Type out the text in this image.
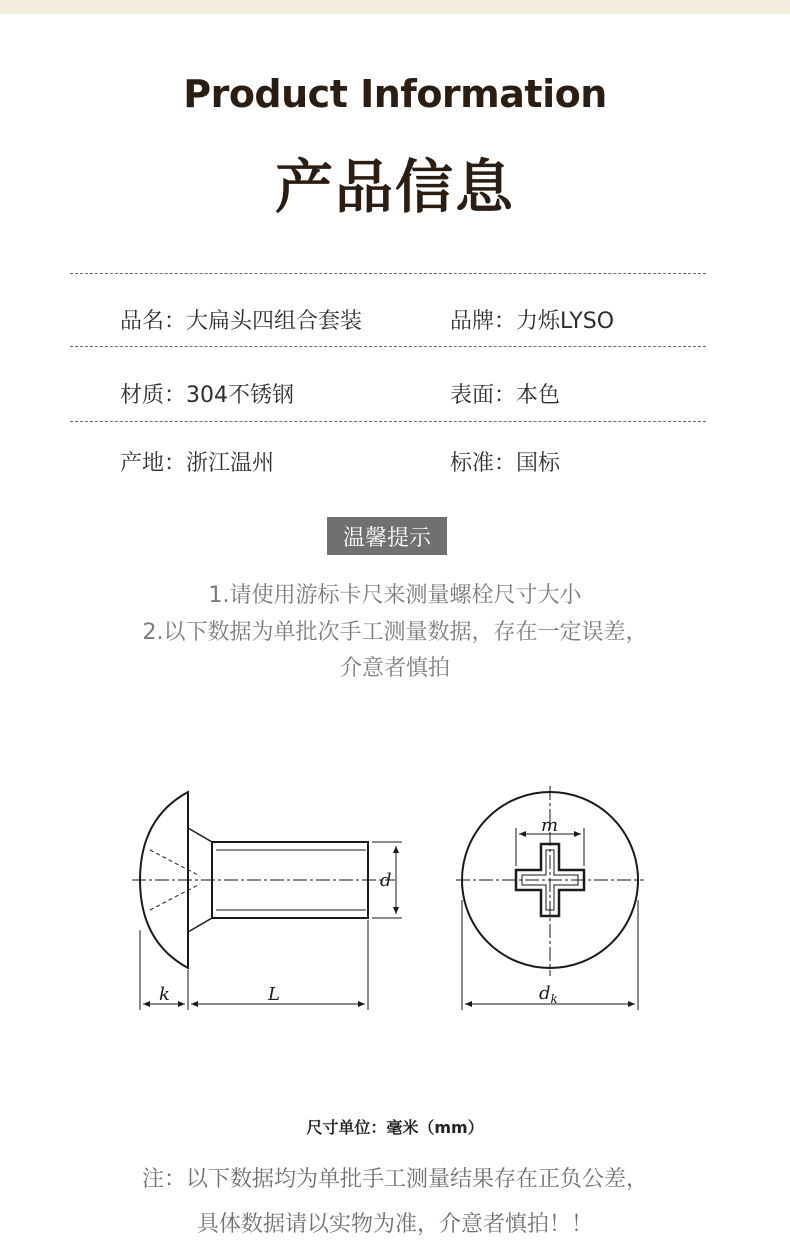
Product Information
产品信息
品名：大扁头四组合套装	品牌：力烁LYSO
材质：304不锈钢	表面：本色
产地：浙江温州	标准：国标
温馨提示
1.请使用游标卡尺来测量螺栓尺寸大小
2.以下数据为单批次手工测量数据，存在一定误差，
介意者慎拍
k	L
d
m
$d_k$
尺寸单位：毫米（mm）
注：以下数据均为单批手工测量结果存在正负公差，
具体数据请以实物为准，介意者慎拍！！
